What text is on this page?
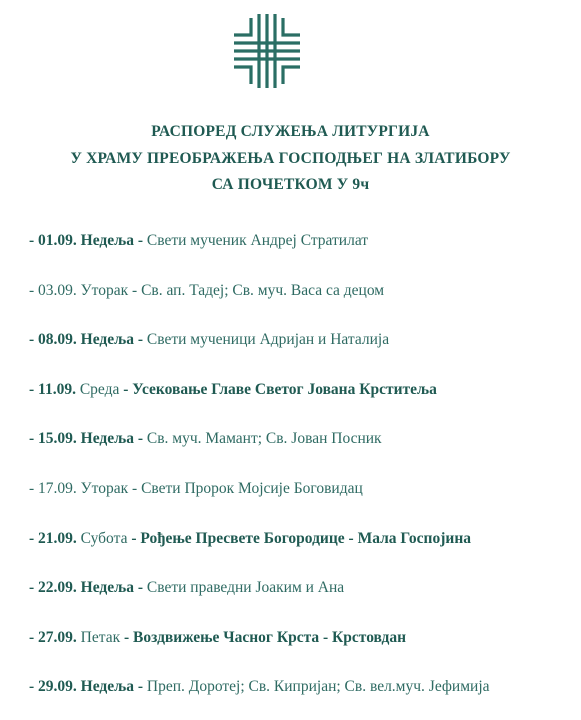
РАСПОРЕД СЛУЖЕЊА ЛИТУРГИЈА
У ХРАМУ ПРЕОБРАЖЕЊА ГОСПОДЊЕГ НА ЗЛАТИБОРУ
СА ПОЧЕТКОМ У 9ч
- 01.09. Недеља - Свети мученик Андреј Стратилат
- 03.09. Уторак - Св. ап. Тадеј; Св. муч. Васа са децом
- 08.09. Недеља - Свети мученици Адријан и Наталија
- 11.09. Среда - Усековање Главе Светог Јована Крститеља
- 15.09. Недеља - Св. муч. Мамант; Св. Јован Посник
- 17.09. Уторак - Свети Пророк Мојсије Боговидац
- 21.09. Субота - Рођење Пресвете Богородице - Мала Госпојина
- 22.09. Недеља - Свети праведни Јоаким и Ана
- 27.09. Петак - Воздвижење Часног Крста - Крстовдан
- 29.09. Недеља - Преп. Доротеј; Св. Кипријан; Св. вел.муч. Јефимија
